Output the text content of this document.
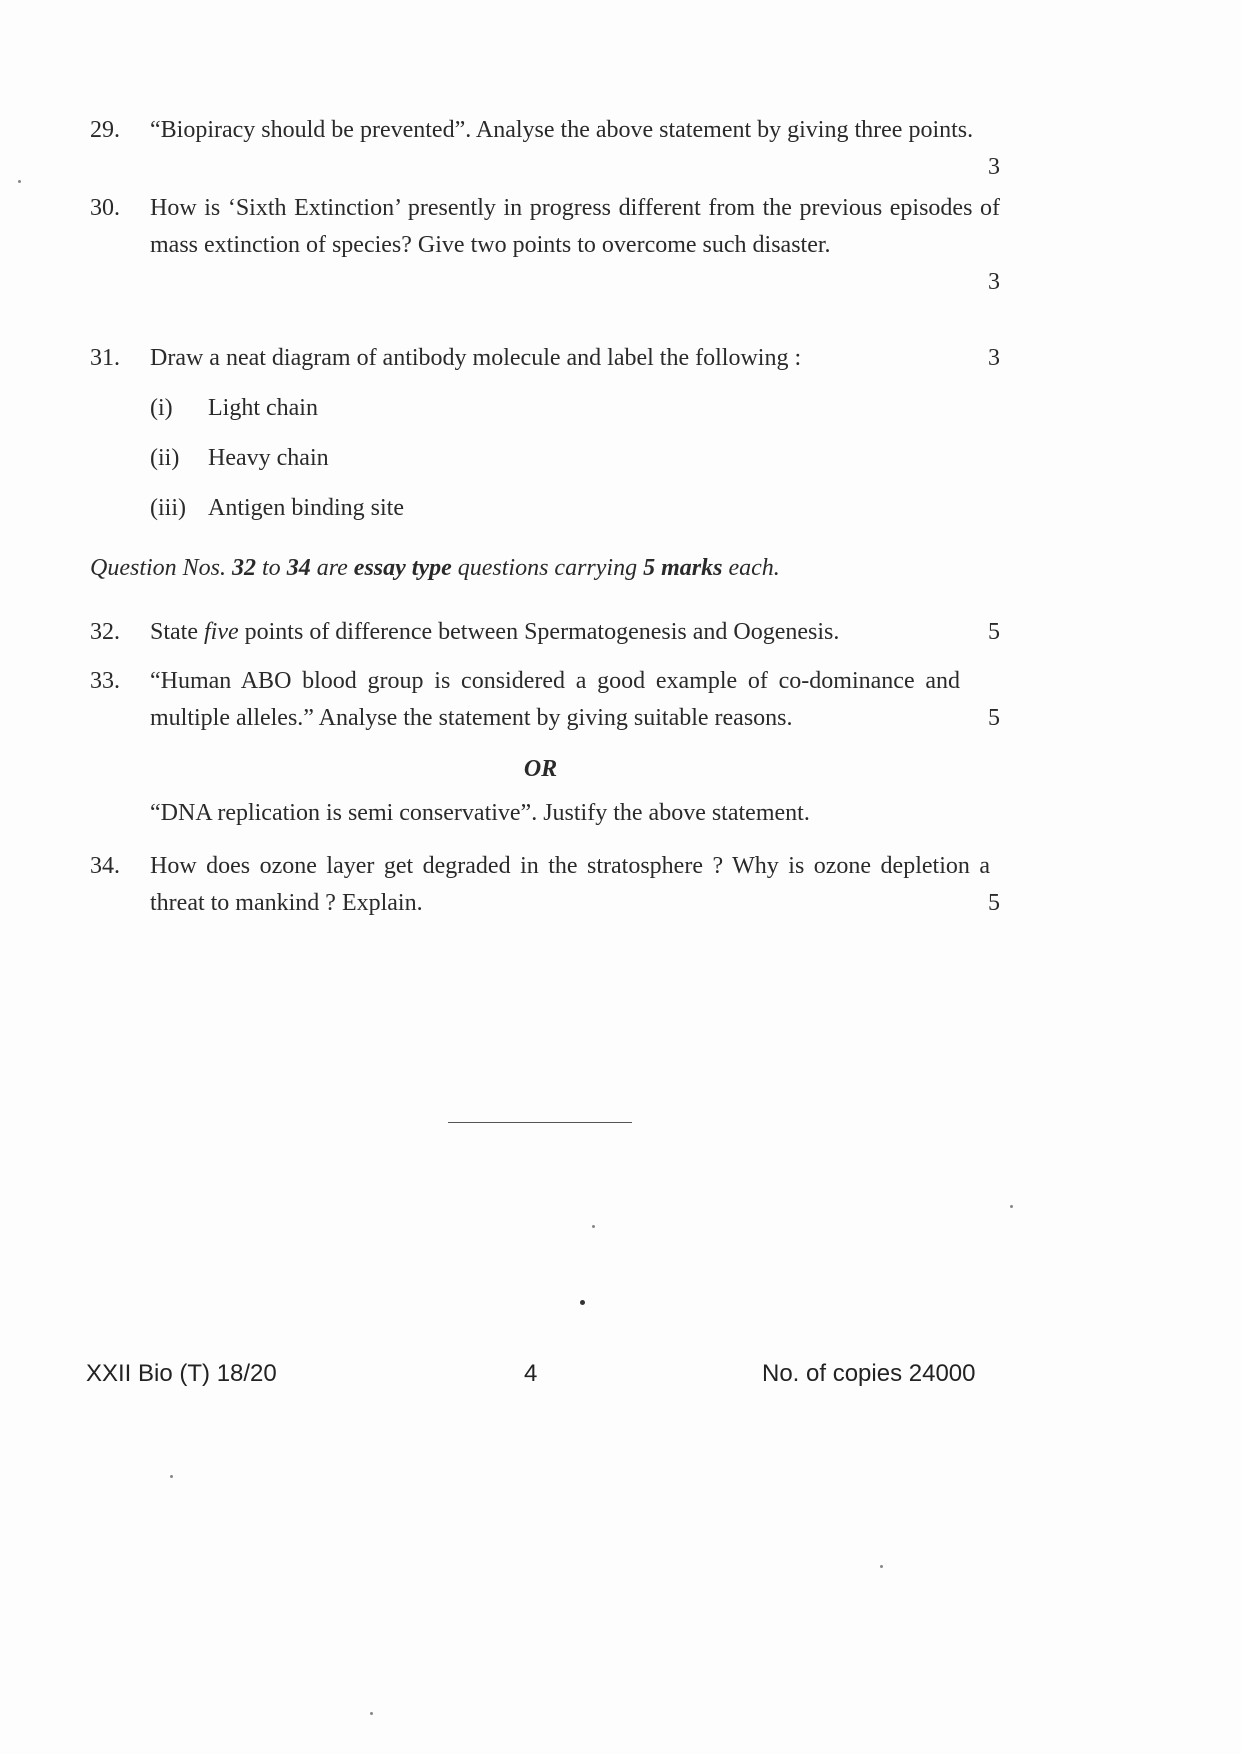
29. “Biopiracy should be prevented”. Analyse the above statement by giving three points.
3
30. How is ‘Sixth Extinction’ presently in progress different from the previous episodes of mass extinction of species? Give two points to overcome such disaster.
3
31. Draw a neat diagram of antibody molecule and label the following :	3
(i) Light chain
(ii) Heavy chain
(iii) Antigen binding site
Question Nos. 32 to 34 are essay type questions carrying 5 marks each.
32. State five points of difference between Spermatogenesis and Oogenesis.	5
33. “Human ABO blood group is considered a good example of co-dominance and multiple alleles.” Analyse the statement by giving suitable reasons.	5
OR
“DNA replication is semi conservative”. Justify the above statement.
34. How does ozone layer get degraded in the stratosphere ? Why is ozone depletion a threat to mankind ? Explain.	5
XXII Bio (T) 18/20	4	No. of copies 24000
